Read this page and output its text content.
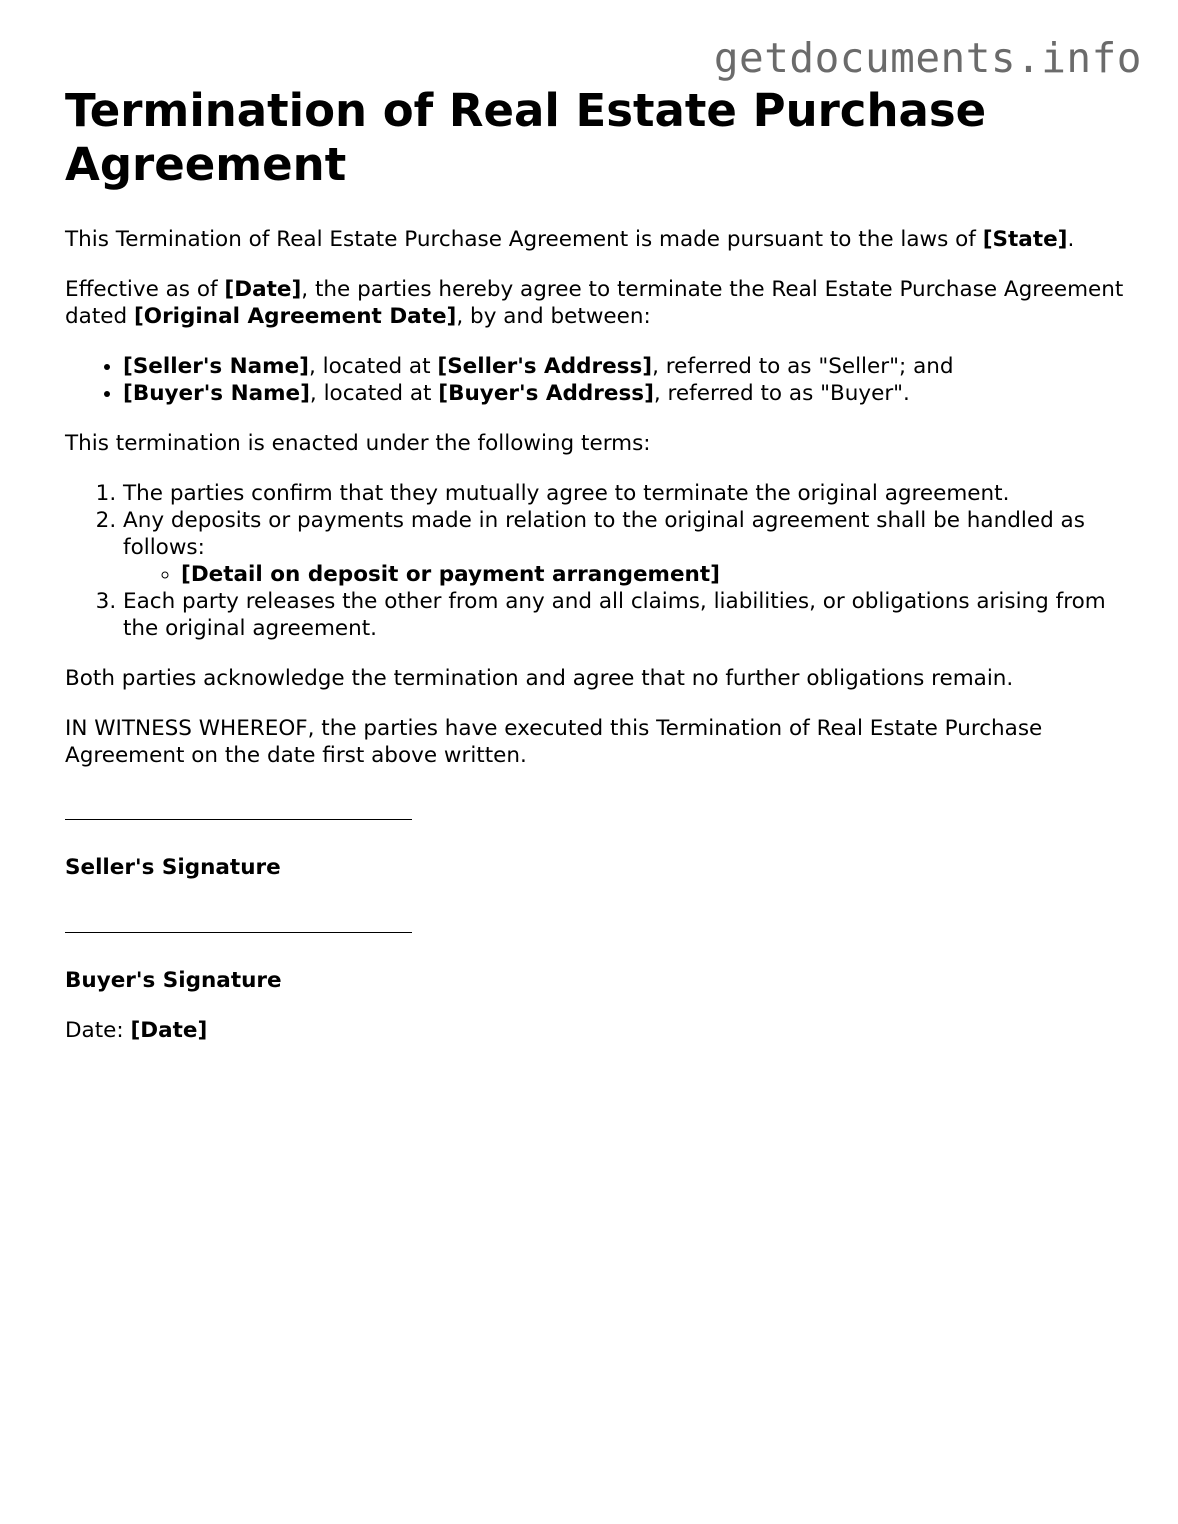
getdocuments.info
Termination of Real Estate Purchase Agreement

This Termination of Real Estate Purchase Agreement is made pursuant to the laws of [State].

Effective as of [Date], the parties hereby agree to terminate the Real Estate Purchase Agreement dated [Original Agreement Date], by and between:

• [Seller's Name], located at [Seller's Address], referred to as "Seller"; and
• [Buyer's Name], located at [Buyer's Address], referred to as "Buyer".

This termination is enacted under the following terms:

1. The parties confirm that they mutually agree to terminate the original agreement.
2. Any deposits or payments made in relation to the original agreement shall be handled as follows:
◦ [Detail on deposit or payment arrangement]
3. Each party releases the other from any and all claims, liabilities, or obligations arising from the original agreement.

Both parties acknowledge the termination and agree that no further obligations remain.

IN WITNESS WHEREOF, the parties have executed this Termination of Real Estate Purchase Agreement on the date first above written.

Seller's Signature

Buyer's Signature

Date: [Date]
